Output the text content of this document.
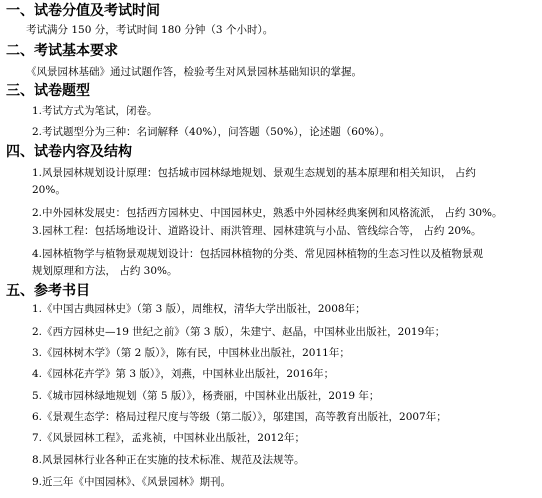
一、试卷分值及考试时间
考试满分 150 分，考试时间 180 分钟（3 个小时）。
二、考试基本要求
《风景园林基础》通过试题作答，检验考生对风景园林基础知识的掌握。
三、试卷题型
1.考试方式为笔试，闭卷。
2.考试题型分为三种：名词解释（40%），问答题（50%），论述题（60%）。
四、试卷内容及结构
1.风景园林规划设计原理：包括城市园林绿地规划、景观生态规划的基本原理和相关知识， 占约
20%。
2.中外园林发展史：包括西方园林史、中国园林史，熟悉中外园林经典案例和风格流派， 占约 30%。
3.园林工程：包括场地设计、道路设计、雨洪管理、园林建筑与小品、管线综合等， 占约 20%。
4.园林植物学与植物景观规划设计：包括园林植物的分类、常见园林植物的生态习性以及植物景观
规划原理和方法， 占约 30%。
五、参考书目
1.《中国古典园林史》（第 3 版），周维权，清华大学出版社，2008年；
2.《西方园林史—19 世纪之前》（第 3 版），朱建宁、赵晶，中国林业出版社，2019年；
3.《园林树木学》（第 2 版）》，陈有民，中国林业出版社，2011年；
4.《园林花卉学》第 3 版）》，刘燕，中国林业出版社，2016年；
5.《城市园林绿地规划（第 5 版）》，杨赉丽，中国林业出版社，2019 年；
6.《景观生态学：格局过程尺度与等级（第二版）》，邬建国，高等教育出版社，2007年；
7.《风景园林工程》，孟兆祯，中国林业出版社，2012年；
8.风景园林行业各种正在实施的技术标准、规范及法规等。
9.近三年《中国园林》、《风景园林》期刊。
